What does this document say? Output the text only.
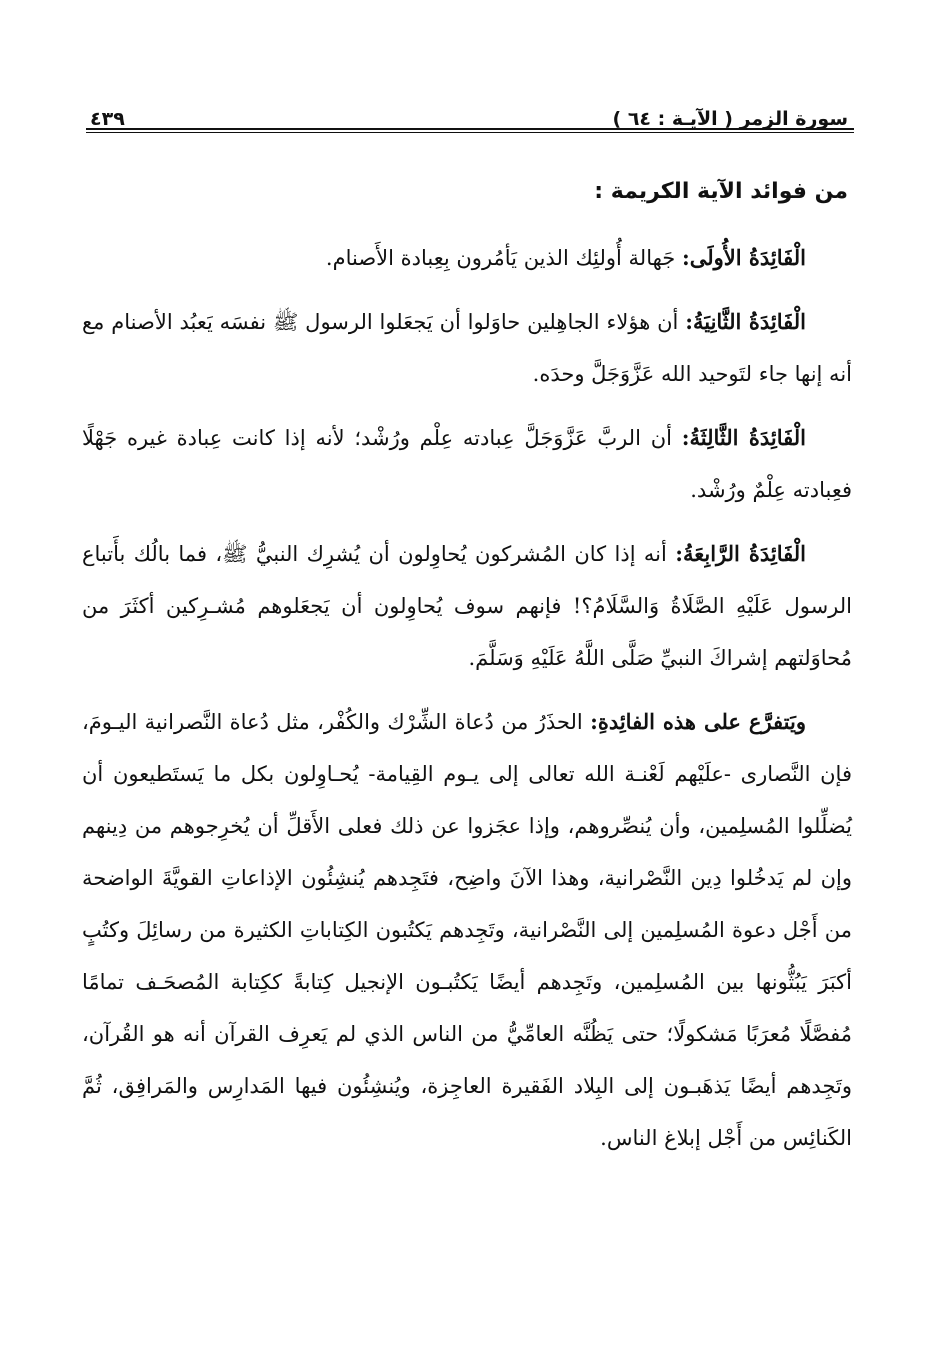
سورة الزمر ( الآيـة : ٦٤ )
٤٣٩
من فوائد الآية الكريمة :

الْفَائِدَةُ الأُولَى: جَهالة أُولئِك الذين يَأمُرون بِعِبادة الأَصنام.

الْفَائِدَةُ الثَّانِيَةُ: أن هؤلاء الجاهِلين حاوَلوا أن يَجعَلوا الرسول ﷺ نفسَه يَعبُد الأصنام مع أنه إنها جاء لتَوحيد الله عَزَّوَجَلَّ وحدَه.

الْفَائِدَةُ الثَّالِثَةُ: أن الربَّ عَزَّوَجَلَّ عِبادته عِلْم ورُشْد؛ لأنه إذا كانت عِبادة غيره جَهْلًا فعِبادته عِلْمٌ ورُشْد.

الْفَائِدَةُ الرَّابِعَةُ: أنه إذا كان المُشركون يُحاوِلون أن يُشرِك النبيُّ ﷺ، فما بالُك بأَتباع الرسول عَلَيْهِ الصَّلَاةُ وَالسَّلَامُ؟! فإنهم سوف يُحاوِلون أن يَجعَلوهم مُشـرِكين أكثَرَ من مُحاوَلتهم إشراكَ النبيِّ صَلَّى اللَّهُ عَلَيْهِ وَسَلَّمَ.

ويَتفرَّع على هذه الفائِدةِ: الحذَرُ من دُعاة الشِّرْك والكُفْر، مثل دُعاة النَّصرانية اليـومَ، فإن النَّصارى -علَيْهم لَعْنـة الله تعالى إلى يـوم القِيامة- يُحـاوِلون بكل ما يَستَطيعون أن يُضلِّلوا المُسلِمين، وأن يُنصِّروهم، وإذا عجَزوا عن ذلك فعلى الأَقلِّ أن يُخرِجوهم من دِينهم وإن لم يَدخُلوا دِين النَّصْرانية، وهذا الآنَ واضِح، فتَجِدهم يُنشِئُون الإذاعاتِ القويَّةَ الواضحة من أَجْل دعوة المُسلِمين إلى النَّصْرانية، وتَجِدهم يَكتُبون الكِتاباتِ الكثيرة من رسائِلَ وكتُبٍ أكبَرَ يَبُثُّونها بين المُسلِمين، وتَجِدهم أيضًا يَكتُبـون الإنجيل كِتابةً ككِتابة المُصحَـف تمامًا مُفصَّلًا مُعرَبًا مَشكولًا؛ حتى يَظُنَّه العامِّيُّ من الناس الذي لم يَعرِف القرآن أنه هو القُرآن، وتَجِدهم أيضًا يَذهَبـون إلى البِلاد الفَقيرة العاجِزة، ويُنشِئُون فيها المَدارِس والمَرافِق، ثُمَّ الكَنائِس من أَجْل إبلاغ الناس.
